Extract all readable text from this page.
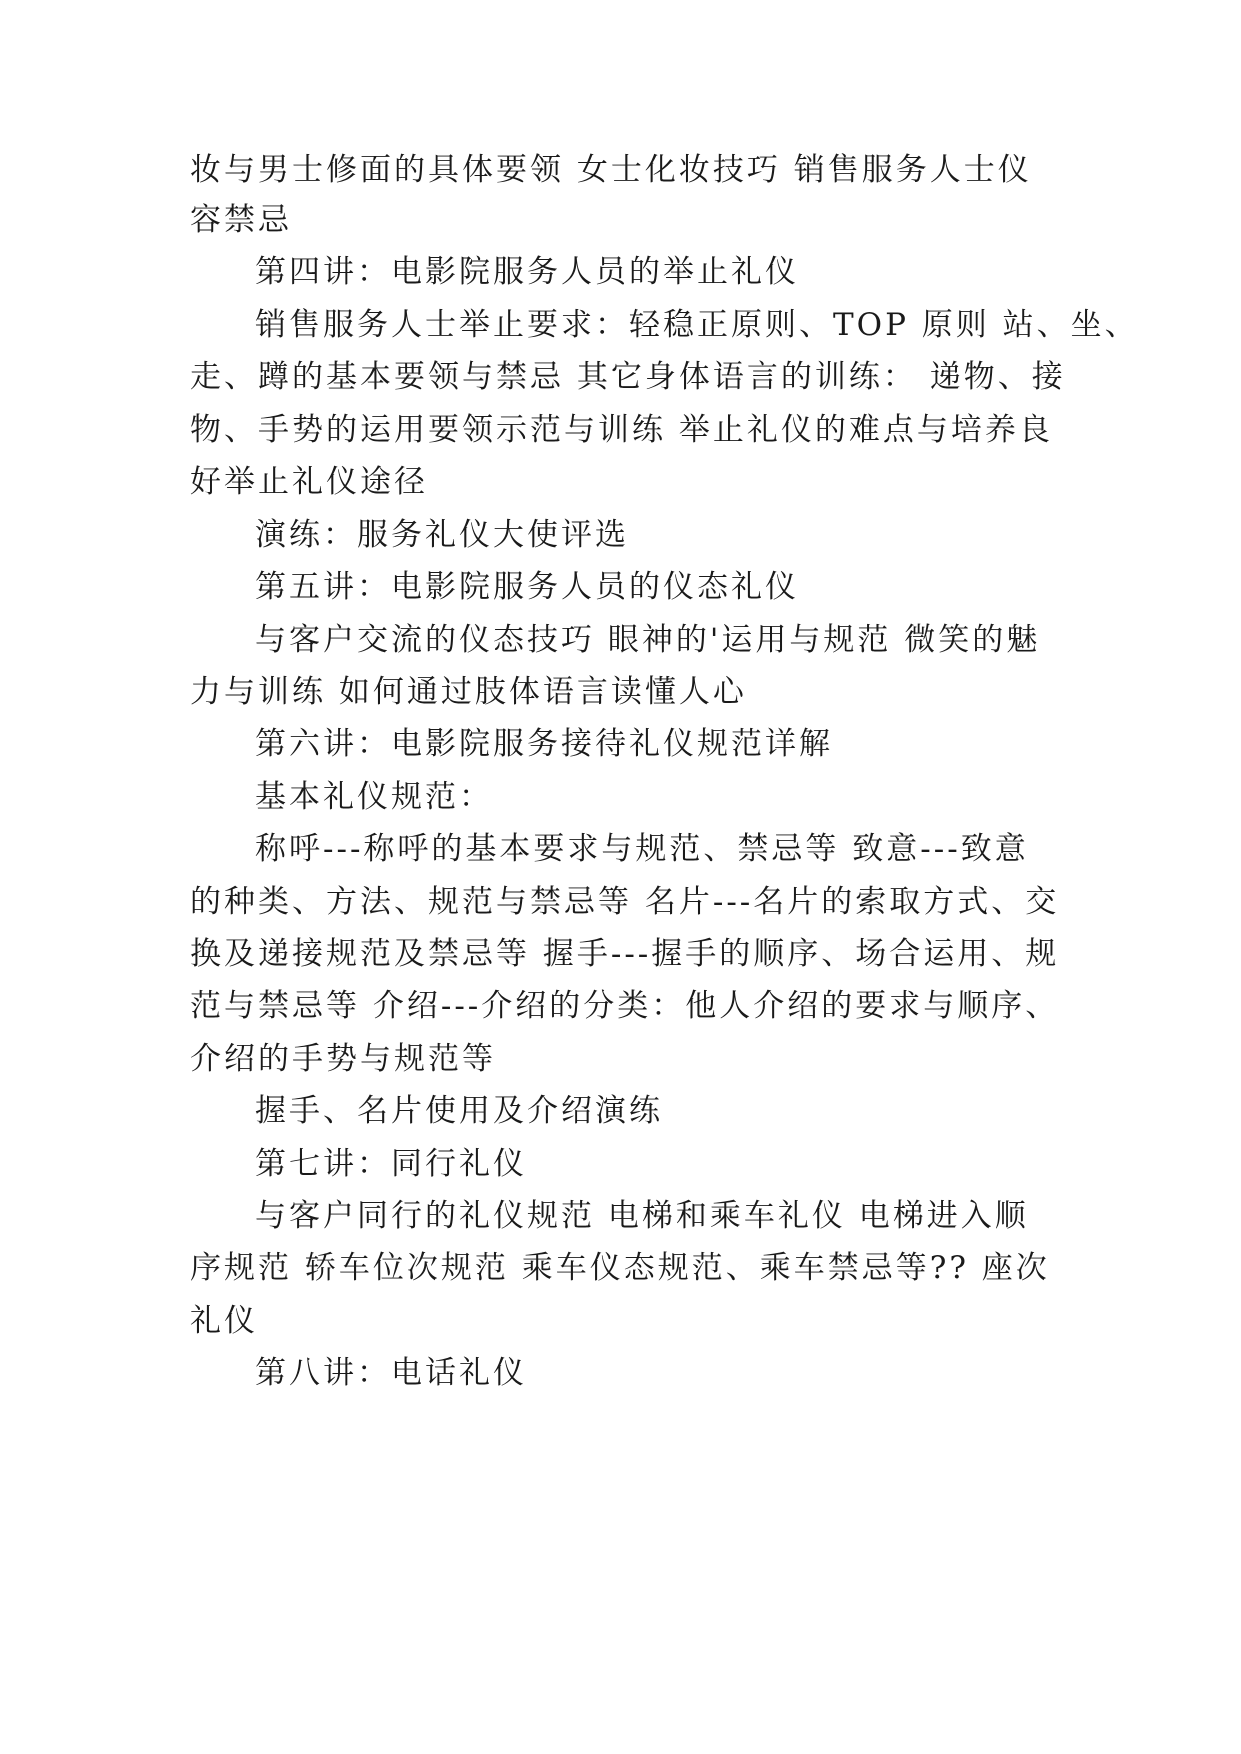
妆与男士修面的具体要领 女士化妆技巧 销售服务人士仪
容禁忌
第四讲：电影院服务人员的举止礼仪
销售服务人士举止要求：轻稳正原则、TOP 原则 站、坐、
走、蹲的基本要领与禁忌 其它身体语言的训练： 递物、接
物、手势的运用要领示范与训练 举止礼仪的难点与培养良
好举止礼仪途径
演练：服务礼仪大使评选
第五讲：电影院服务人员的仪态礼仪
与客户交流的仪态技巧 眼神的'运用与规范 微笑的魅
力与训练 如何通过肢体语言读懂人心
第六讲：电影院服务接待礼仪规范详解
基本礼仪规范：
称呼---称呼的基本要求与规范、禁忌等 致意---致意
的种类、方法、规范与禁忌等 名片---名片的索取方式、交
换及递接规范及禁忌等 握手---握手的顺序、场合运用、规
范与禁忌等 介绍---介绍的分类：他人介绍的要求与顺序、
介绍的手势与规范等
握手、名片使用及介绍演练
第七讲：同行礼仪
与客户同行的礼仪规范 电梯和乘车礼仪 电梯进入顺
序规范 轿车位次规范 乘车仪态规范、乘车禁忌等?? 座次
礼仪
第八讲：电话礼仪
